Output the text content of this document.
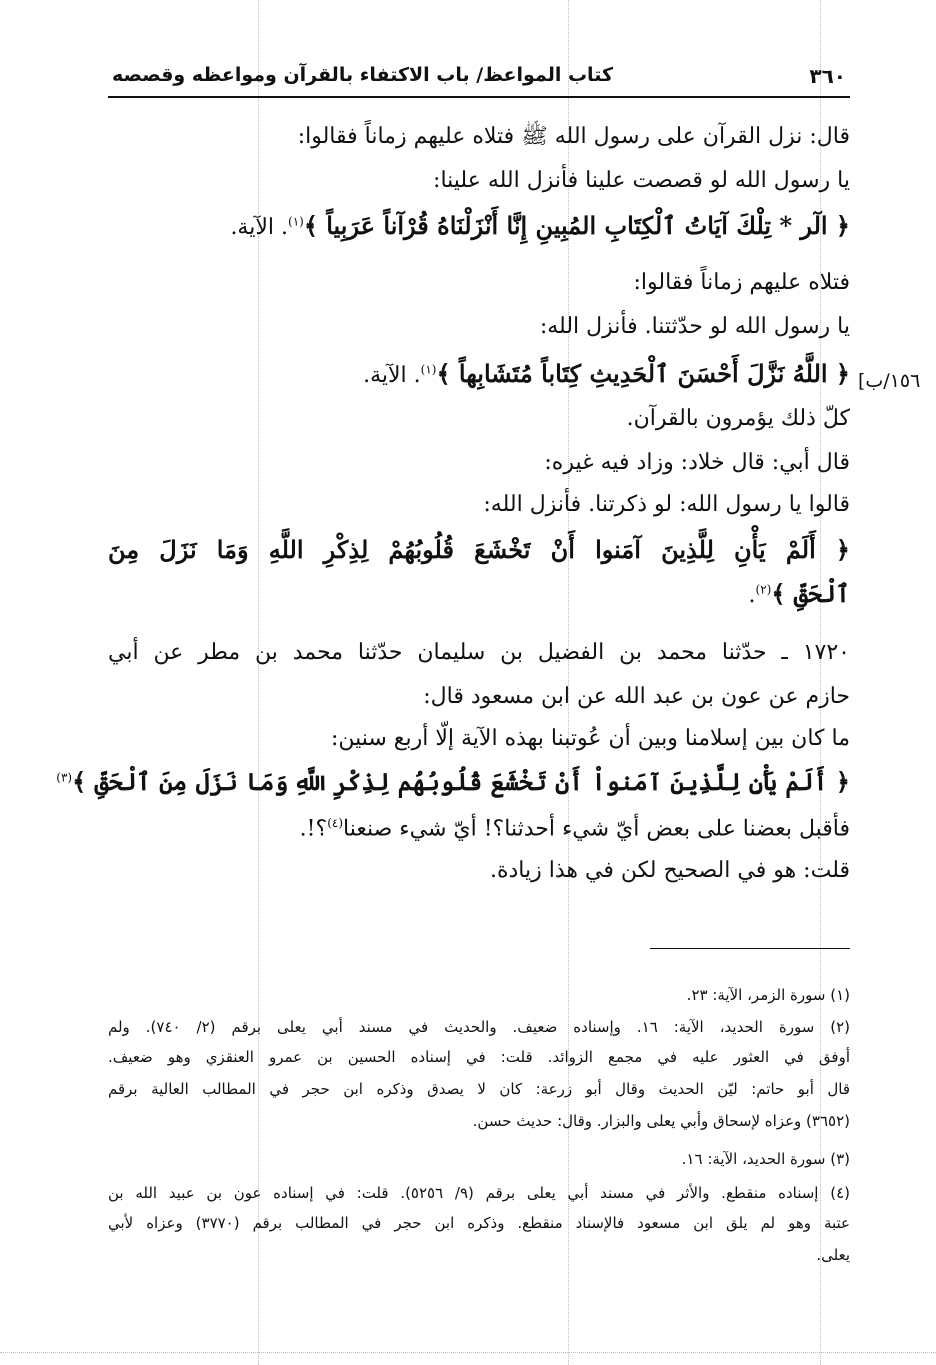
٣٦٠
كتاب المواعظ/ باب الاكتفاء بالقرآن ومواعظه وقصصه
١٥٦/ب]
قال: نزل القرآن على رسول الله ﷺ فتلاه عليهم زماناً فقالوا:
يا رسول الله لو قصصت علينا فأنزل الله علينا:
﴿ الٓر * تِلْكَ آيَاتُ ٱلْكِتَابِ المُبِينِ إِنَّا أَنْزَلْنَاهُ قُرْآناً عَرَبِياً ﴾$^{(١)}$. الآية.
فتلاه عليهم زماناً فقالوا:
يا رسول الله لو حدّثتنا. فأنزل الله:
﴿ اللَّهُ نَزَّلَ أَحْسَنَ ٱلْحَدِيثِ كِتَاباً مُتَشَابِهاً ﴾$^{(١)}$. الآية.
كلّ ذلك يؤمرون بالقرآن.
قال أبي: قال خلاد: وزاد فيه غيره:
قالوا يا رسول الله: لو ذكرتنا. فأنزل الله:
﴿ أَلَمْ يَأْنِ لِلَّذِينَ آمَنوا أَنْ تَخْشَعَ قُلُوبُهُمْ لِذِكْرِ اللَّهِ وَمَا نَزَلَ مِنَ
ٱلْحَقِّ ﴾$^{(٢)}$.
١٧٢٠ ـ حدّثنا محمد بن الفضيل بن سليمان حدّثنا محمد بن مطر عن أبي
حازم عن عون بن عبد الله عن ابن مسعود قال:
ما كان بين إسلامنا وبين أن عُوتبنا بهذه الآية إلّا أربع سنين:
﴿ أَلَمْ يَأْنِ لِلَّذِينَ آمَنواْ أَنْ تَخْشَعَ قُلُوبُهُم لِذِكْرِ اللَّهِ وَمَا نَزَلَ مِنَ ٱلْحَقِّ ﴾$^{(٣)}$
فأقبل بعضنا على بعض أيّ شيء أحدثنا؟! أيّ شيء صنعنا$^{(٤)}$؟!.
قلت: هو في الصحيح لكن في هذا زيادة.
(١) سورة الزمر، الآية: ٢٣.
(٢) سورة الحديد، الآية: ١٦. وإسناده ضعيف. والحديث في مسند أبي يعلى برقم (٢/ ٧٤٠). ولم
أوفق في العثور عليه في مجمع الزوائد. قلت: في إسناده الحسين بن عمرو العنقزي وهو ضعيف.
قال أبو حاتم: ليّن الحديث وقال أبو زرعة: كان لا يصدق وذكره ابن حجر في المطالب العالية برقم
(٣٦٥٢) وعزاه لإسحاق وأبي يعلى والبزار. وقال: حديث حسن.
(٣) سورة الحديد، الآية: ١٦.
(٤) إسناده منقطع. والأثر في مسند أبي يعلى برقم (٩/ ٥٢٥٦). قلت: في إسناده عون بن عبيد الله بن
عتبة وهو لم يلق ابن مسعود فالإسناد منقطع. وذكره ابن حجر في المطالب برقم (٣٧٧٠) وعزاه لأبي
يعلى.
